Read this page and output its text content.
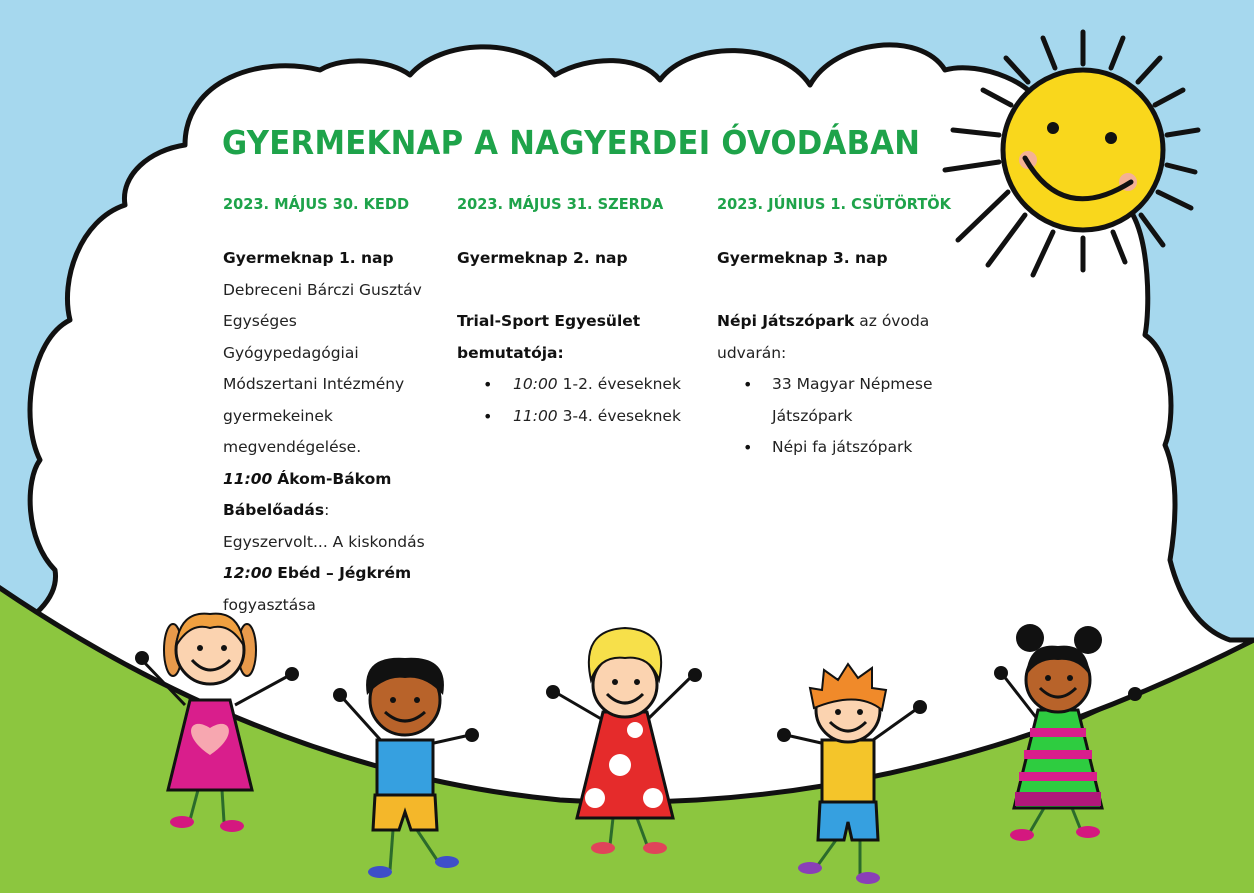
GYERMEKNAP A NAGYERDEI ÓVODÁBAN
2023. MÁJUS 30. KEDD
Gyermeknap 1. nap
Debreceni Bárczi Gusztáv
Egységes
Gyógypedagógiai
Módszertani Intézmény
gyermekeinek
megvendégelése.
11:00 Ákom-Bákom
Bábelőadás:
Egyszervolt... A kiskondás
12:00 Ebéd – Jégkrém
fogyasztása
2023. MÁJUS 31. SZERDA
Gyermeknap 2. nap
Trial-Sport Egyesület
bemutatója:
• 10:00 1-2. éveseknek
• 11:00 3-4. éveseknek
2023. JÚNIUS 1. CSÜTÖRTÖK
Gyermeknap 3. nap
Népi Játszópark az óvoda
udvarán:
• 33 Magyar Népmese
Játszópark
• Népi fa játszópark
